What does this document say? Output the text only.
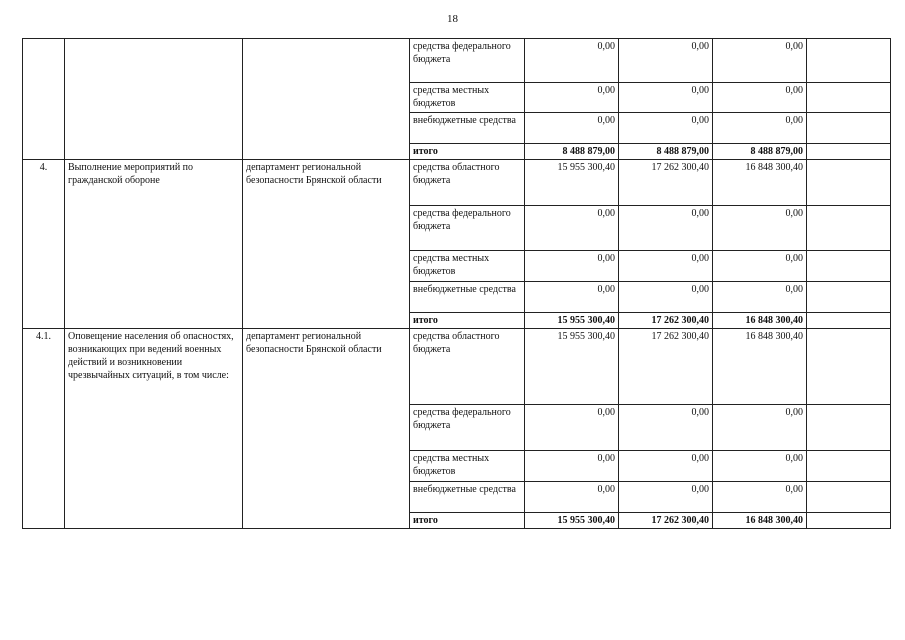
18
			средства федерального бюджета	0,00	0,00	0,00	
			средства местных бюджетов	0,00	0,00	0,00	
			внебюджетные средства	0,00	0,00	0,00	
			итого	8 488 879,00	8 488 879,00	8 488 879,00	
4.	Выполнение мероприятий по гражданской обороне	департамент региональной безопасности Брянской области	средства областного бюджета	15 955 300,40	17 262 300,40	16 848 300,40	
			средства федерального бюджета	0,00	0,00	0,00	
			средства местных бюджетов	0,00	0,00	0,00	
			внебюджетные средства	0,00	0,00	0,00	
			итого	15 955 300,40	17 262 300,40	16 848 300,40	
4.1.	Оповещение населения об опасностях, возникающих при ведений военных действий и возникновении чрезвычайных ситуаций, в том числе:	департамент региональной безопасности Брянской области	средства областного бюджета	15 955 300,40	17 262 300,40	16 848 300,40	
			средства федерального бюджета	0,00	0,00	0,00	
			средства местных бюджетов	0,00	0,00	0,00	
			внебюджетные средства	0,00	0,00	0,00	
			итого	15 955 300,40	17 262 300,40	16 848 300,40	
